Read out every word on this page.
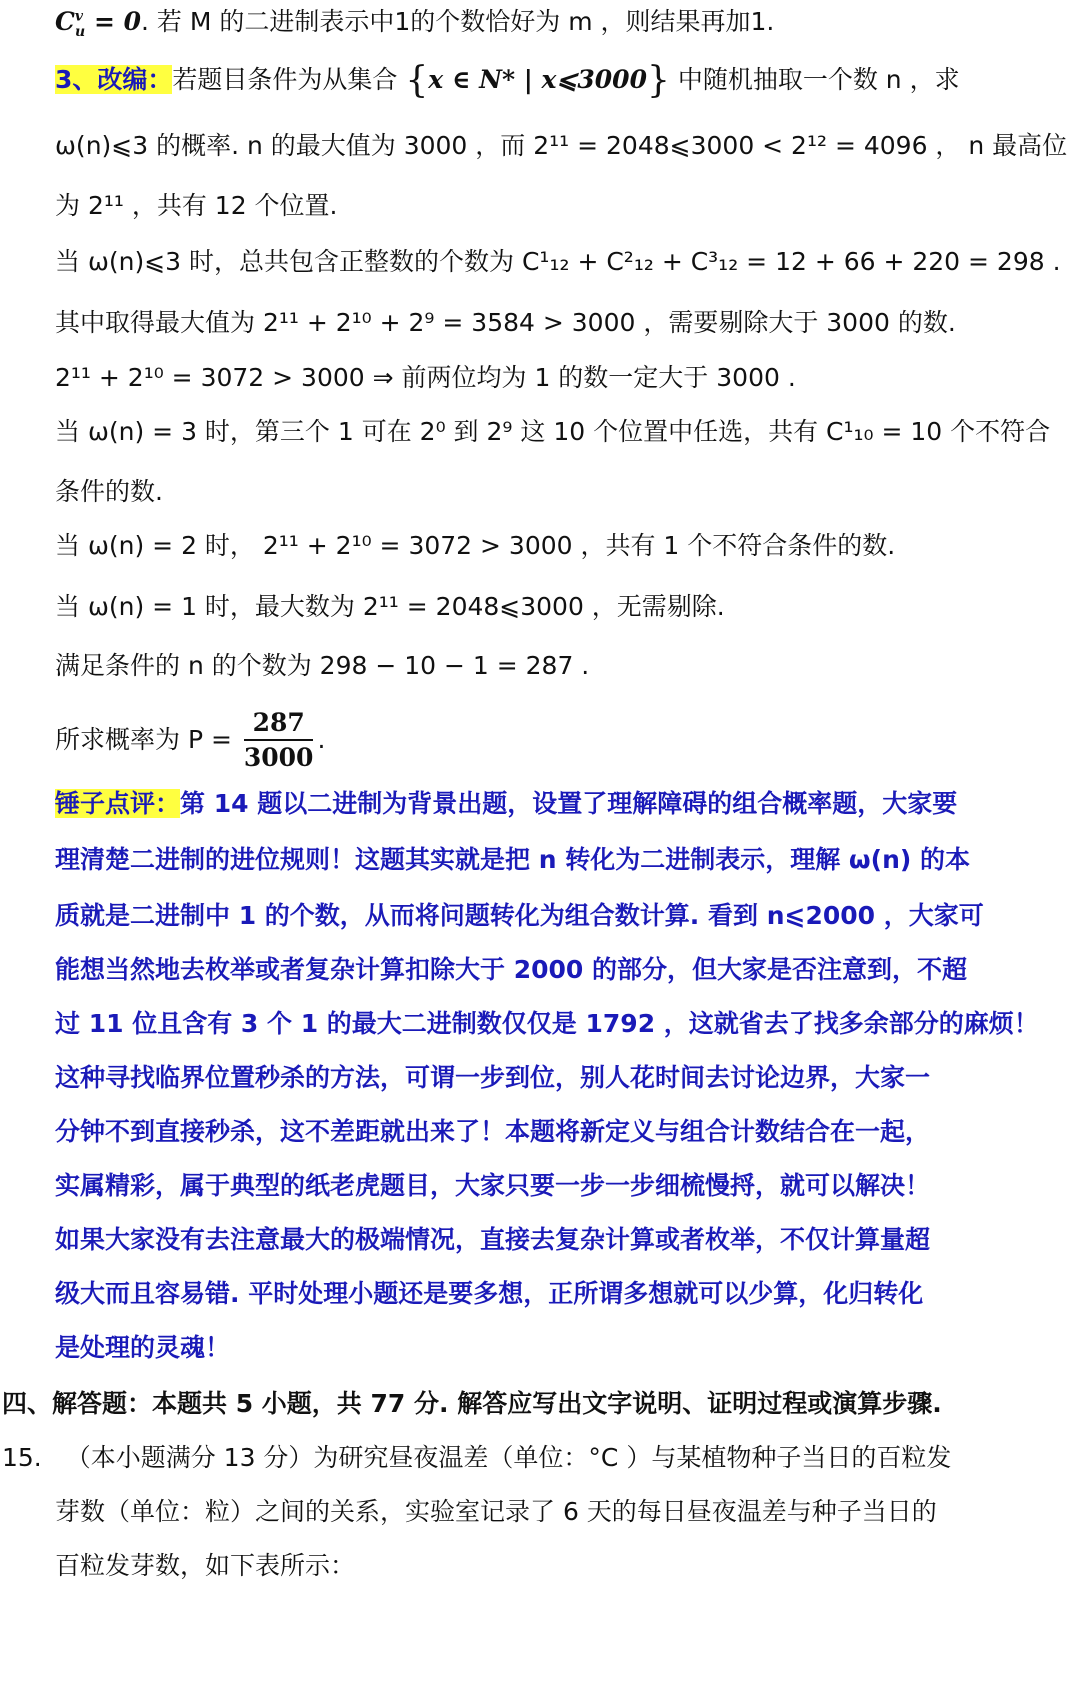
$C^v_u = 0$. 若 M 的二进制表示中1的个数恰好为 m ，则结果再加1.
3、改编：若题目条件为从集合 {x ∈ N* | x⩽3000} 中随机抽取一个数 n ，求
ω(n)⩽3 的概率. n 的最大值为 3000 ，而 2¹¹ = 2048⩽3000 < 2¹² = 4096 ， n 最高位
为 2¹¹ ，共有 12 个位置.
当 ω(n)⩽3 时，总共包含正整数的个数为 C¹₁₂ + C²₁₂ + C³₁₂ = 12 + 66 + 220 = 298 .
其中取得最大值为 2¹¹ + 2¹⁰ + 2⁹ = 3584 > 3000 ，需要剔除大于 3000 的数.
2¹¹ + 2¹⁰ = 3072 > 3000 ⇒ 前两位均为 1 的数一定大于 3000 .
当 ω(n) = 3 时，第三个 1 可在 2⁰ 到 2⁹ 这 10 个位置中任选，共有 C¹₁₀ = 10 个不符合
条件的数.
当 ω(n) = 2 时， 2¹¹ + 2¹⁰ = 3072 > 3000 ，共有 1 个不符合条件的数.
当 ω(n) = 1 时，最大数为 2¹¹ = 2048⩽3000 ，无需剔除.
满足条件的 n 的个数为 298 − 10 − 1 = 287 .
所求概率为 $P = \frac{287}{3000}$ .
锤子点评：第 14 题以二进制为背景出题，设置了理解障碍的组合概率题，大家要
理清楚二进制的进位规则！这题其实就是把 n 转化为二进制表示，理解 ω(n) 的本
质就是二进制中 1 的个数，从而将问题转化为组合数计算. 看到 n⩽2000 ，大家可
能想当然地去枚举或者复杂计算扣除大于 2000 的部分，但大家是否注意到，不超
过 11 位且含有 3 个 1 的最大二进制数仅仅是 1792 ，这就省去了找多余部分的麻烦！
这种寻找临界位置秒杀的方法，可谓一步到位，别人花时间去讨论边界，大家一
分钟不到直接秒杀，这不差距就出来了！本题将新定义与组合计数结合在一起，
实属精彩，属于典型的纸老虎题目，大家只要一步一步细梳慢捋，就可以解决！
如果大家没有去注意最大的极端情况，直接去复杂计算或者枚举，不仅计算量超
级大而且容易错. 平时处理小题还是要多想，正所谓多想就可以少算，化归转化
是处理的灵魂！
四、解答题：本题共 5 小题，共 77 分. 解答应写出文字说明、证明过程或演算步骤.
15. （本小题满分 13 分）为研究昼夜温差（单位：°C ）与某植物种子当日的百粒发
芽数（单位：粒）之间的关系，实验室记录了 6 天的每日昼夜温差与种子当日的
百粒发芽数，如下表所示：
